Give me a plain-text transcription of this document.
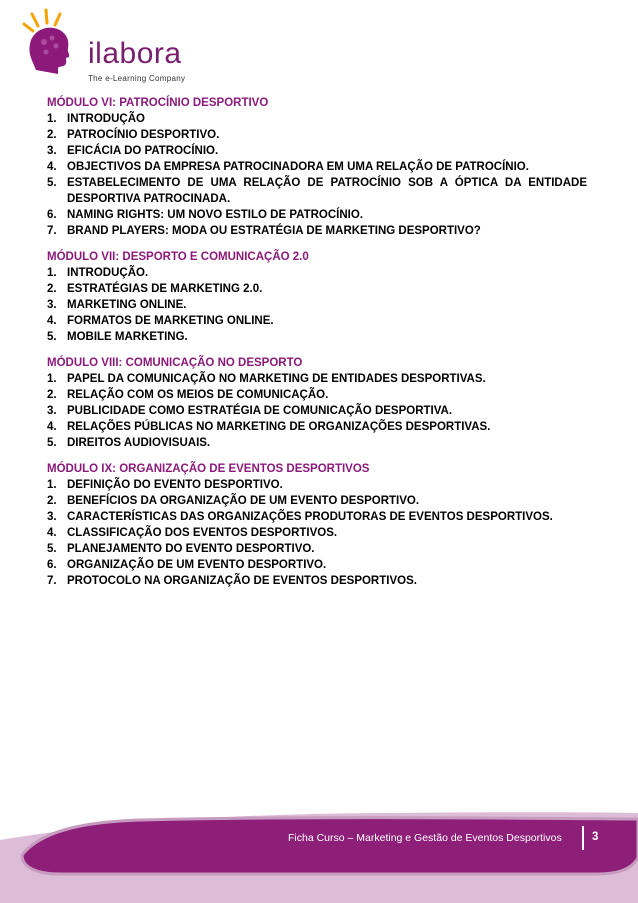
ilabora
The e-Learning Company
MÓDULO VI: PATROCÍNIO DESPORTIVO
1. INTRODUÇÃO
2. PATROCÍNIO DESPORTIVO.
3. EFICÁCIA DO PATROCÍNIO.
4. OBJECTIVOS DA EMPRESA PATROCINADORA EM UMA RELAÇÃO DE PATROCÍNIO.
5. ESTABELECIMENTO DE UMA RELAÇÃO DE PATROCÍNIO SOB A ÓPTICA DA ENTIDADE DESPORTIVA PATROCINADA.
6. NAMING RIGHTS: UM NOVO ESTILO DE PATROCÍNIO.
7. BRAND PLAYERS: MODA OU ESTRATÉGIA DE MARKETING DESPORTIVO?
MÓDULO VII: DESPORTO E COMUNICAÇÃO 2.0
1. INTRODUÇÃO.
2. ESTRATÉGIAS DE MARKETING 2.0.
3. MARKETING ONLINE.
4. FORMATOS DE MARKETING ONLINE.
5. MOBILE MARKETING.
MÓDULO VIII: COMUNICAÇÃO NO DESPORTO
1. PAPEL DA COMUNICAÇÃO NO MARKETING DE ENTIDADES DESPORTIVAS.
2. RELAÇÃO COM OS MEIOS DE COMUNICAÇÃO.
3. PUBLICIDADE COMO ESTRATÉGIA DE COMUNICAÇÃO DESPORTIVA.
4. RELAÇÕES PÚBLICAS NO MARKETING DE ORGANIZAÇÕES DESPORTIVAS.
5. DIREITOS AUDIOVISUAIS.
MÓDULO IX: ORGANIZAÇÃO DE EVENTOS DESPORTIVOS
1. DEFINIÇÃO DO EVENTO DESPORTIVO.
2. BENEFÍCIOS DA ORGANIZAÇÃO DE UM EVENTO DESPORTIVO.
3. CARACTERÍSTICAS DAS ORGANIZAÇÕES PRODUTORAS DE EVENTOS DESPORTIVOS.
4. CLASSIFICAÇÃO DOS EVENTOS DESPORTIVOS.
5. PLANEJAMENTO DO EVENTO DESPORTIVO.
6. ORGANIZAÇÃO DE UM EVENTO DESPORTIVO.
7. PROTOCOLO NA ORGANIZAÇÃO DE EVENTOS DESPORTIVOS.
Ficha Curso – Marketing e Gestão de Eventos Desportivos	3
